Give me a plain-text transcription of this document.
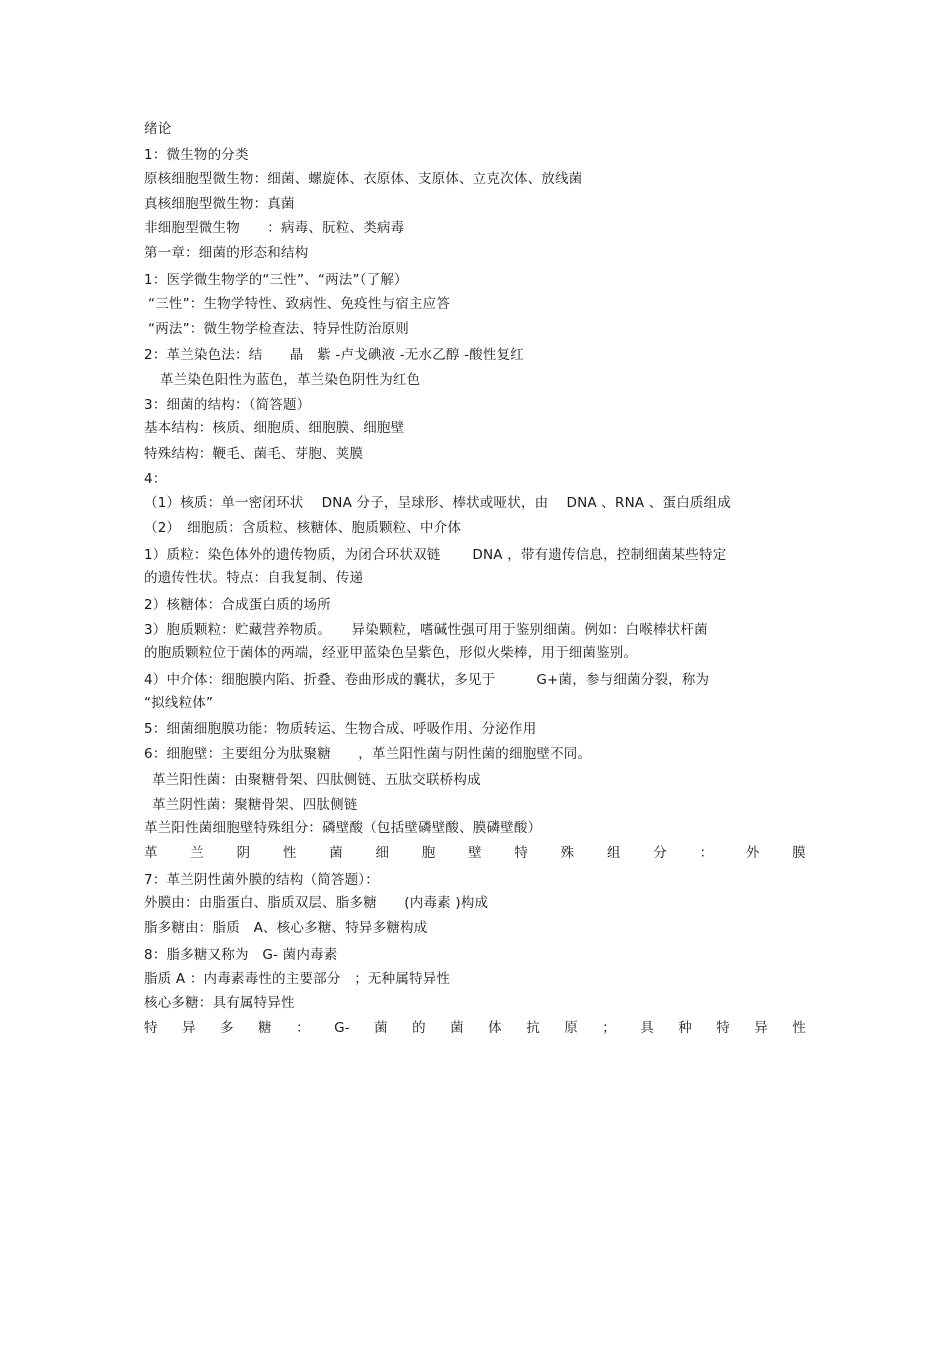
绪论
1：微生物的分类
原核细胞型微生物：细菌、螺旋体、衣原体、支原体、立克次体、放线菌
真核细胞型微生物：真菌
非细胞型微生物　　：病毒、朊粒、类病毒
第一章：细菌的形态和结构
1：医学微生物学的“三性”、“两法”（了解）
“三性”：生物学特性、致病性、免疫性与宿主应答
“两法”：微生物学检查法、特异性防治原则
2：革兰染色法：结　　晶　紫 -卢戈碘液 -无水乙醇 -酸性复红
革兰染色阳性为蓝色，革兰染色阴性为红色
3：细菌的结构：（简答题）
基本结构：核质、细胞质、细胞膜、细胞壁
特殊结构：鞭毛、菌毛、芽胞、荚膜
4：
（1）核质：单一密闭环状　 DNA 分子，呈球形、棒状或哑状，由　 DNA 、RNA 、蛋白质组成
（2）　细胞质：含质粒、核糖体、胞质颗粒、中介体
1）质粒：染色体外的遗传物质，为闭合环状双链　　 DNA ，带有遗传信息，控制细菌某些特定
的遗传性状。特点：自我复制、传递
2）核糖体：合成蛋白质的场所
3）胞质颗粒：贮藏营养物质。　　异染颗粒，嗜碱性强可用于鉴别细菌。例如：白喉棒状杆菌
的胞质颗粒位于菌体的两端，经亚甲蓝染色呈紫色，形似火柴棒，用于细菌鉴别。
4）中介体：细胞膜内陷、折叠、卷曲形成的囊状，多见于　　　G+菌，参与细菌分裂，称为
“拟线粒体”
5：细菌细胞膜功能：物质转运、生物合成、呼吸作用、分泌作用
6：细胞壁：主要组分为肽聚糖　　，革兰阳性菌与阴性菌的细胞壁不同。
革兰阳性菌：由聚糖骨架、四肽侧链、五肽交联桥构成
革兰阴性菌：聚糖骨架、四肽侧链
革兰阳性菌细胞壁特殊组分：磷壁酸（包括壁磷壁酸、膜磷壁酸）
革 兰 阴 性 菌 细 胞 壁 特 殊 组 分 ： 外 膜
7：革兰阴性菌外膜的结构（简答题）：
外膜由：由脂蛋白、脂质双层、脂多糖　　(内毒素 )构成
脂多糖由：脂质　A、核心多糖、特异多糖构成
8：脂多糖又称为　G- 菌内毒素
脂质 A ：内毒素毒性的主要部分　；无种属特异性
核心多糖：具有属特异性
特 异 多 糖 ： G- 菌 的 菌 体 抗 原 ； 具 种 特 异 性
